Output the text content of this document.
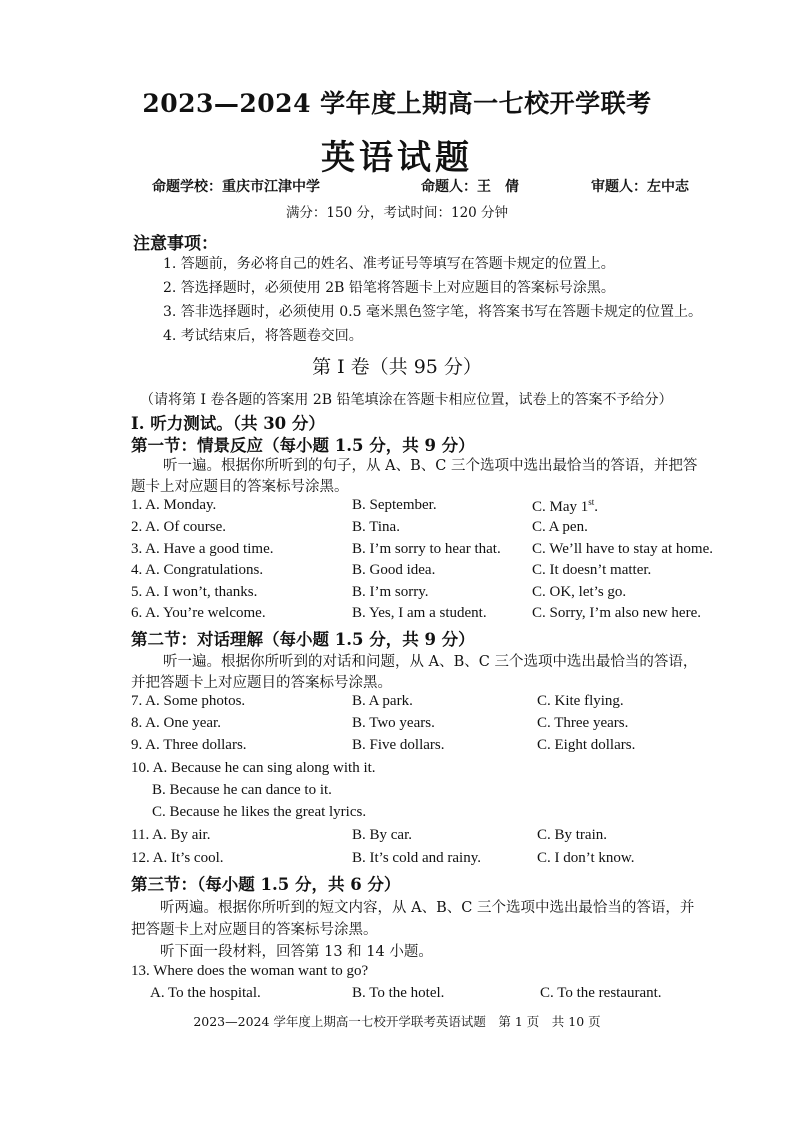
2023—2024 学年度上期高一七校开学联考
英语试题
命题学校：重庆市江津中学	命题人：王　倩	审题人：左中志
满分：150 分，考试时间：120 分钟
注意事项：
1. 答题前，务必将自己的姓名、准考证号等填写在答题卡规定的位置上。
2. 答选择题时，必须使用 2B 铅笔将答题卡上对应题目的答案标号涂黑。
3. 答非选择题时，必须使用 0.5 毫米黑色签字笔，将答案书写在答题卡规定的位置上。
4. 考试结束后，将答题卷交回。
第 I 卷（共 95 分）
（请将第 I 卷各题的答案用 2B 铅笔填涂在答题卡相应位置，试卷上的答案不予给分）
I. 听力测试。（共 30 分）
第一节：情景反应（每小题 1.5 分，共 9 分）
听一遍。根据你所听到的句子，从 A、B、C 三个选项中选出最恰当的答语，并把答
题卡上对应题目的答案标号涂黑。
1. A. Monday.	B. September.	C. May 1st.
2. A. Of course.	B. Tina.	C. A pen.
3. A. Have a good time.	B. I’m sorry to hear that. C. We’ll have to stay at home.
4. A. Congratulations.	B. Good idea.	C. It doesn’t matter.
5. A. I won’t, thanks.	B. I’m sorry.	C. OK, let’s go.
6. A. You’re welcome.	B. Yes, I am a student.	C. Sorry, I’m also new here.
第二节：对话理解（每小题 1.5 分，共 9 分）
听一遍。根据你所听到的对话和问题，从 A、B、C 三个选项中选出最恰当的答语，
并把答题卡上对应题目的答案标号涂黑。
7. A. Some photos.	B. A park.	C. Kite flying.
8. A. One year.	B. Two years.	C. Three years.
9. A. Three dollars.	B. Five dollars.	C. Eight dollars.
10. A. Because he can sing along with it.
B. Because he can dance to it.
C. Because he likes the great lyrics.
11. A. By air.	B. By car.	C. By train.
12. A. It’s cool.	B. It’s cold and rainy.	C. I don’t know.
第三节：（每小题 1.5 分，共 6 分）
听两遍。根据你所听到的短文内容，从 A、B、C 三个选项中选出最恰当的答语，并
把答题卡上对应题目的答案标号涂黑。
听下面一段材料，回答第 13 和 14 小题。
13. Where does the woman want to go?
A. To the hospital.	B. To the hotel.	C. To the restaurant.
2023—2024 学年度上期高一七校开学联考英语试题　第 1 页　共 10 页
